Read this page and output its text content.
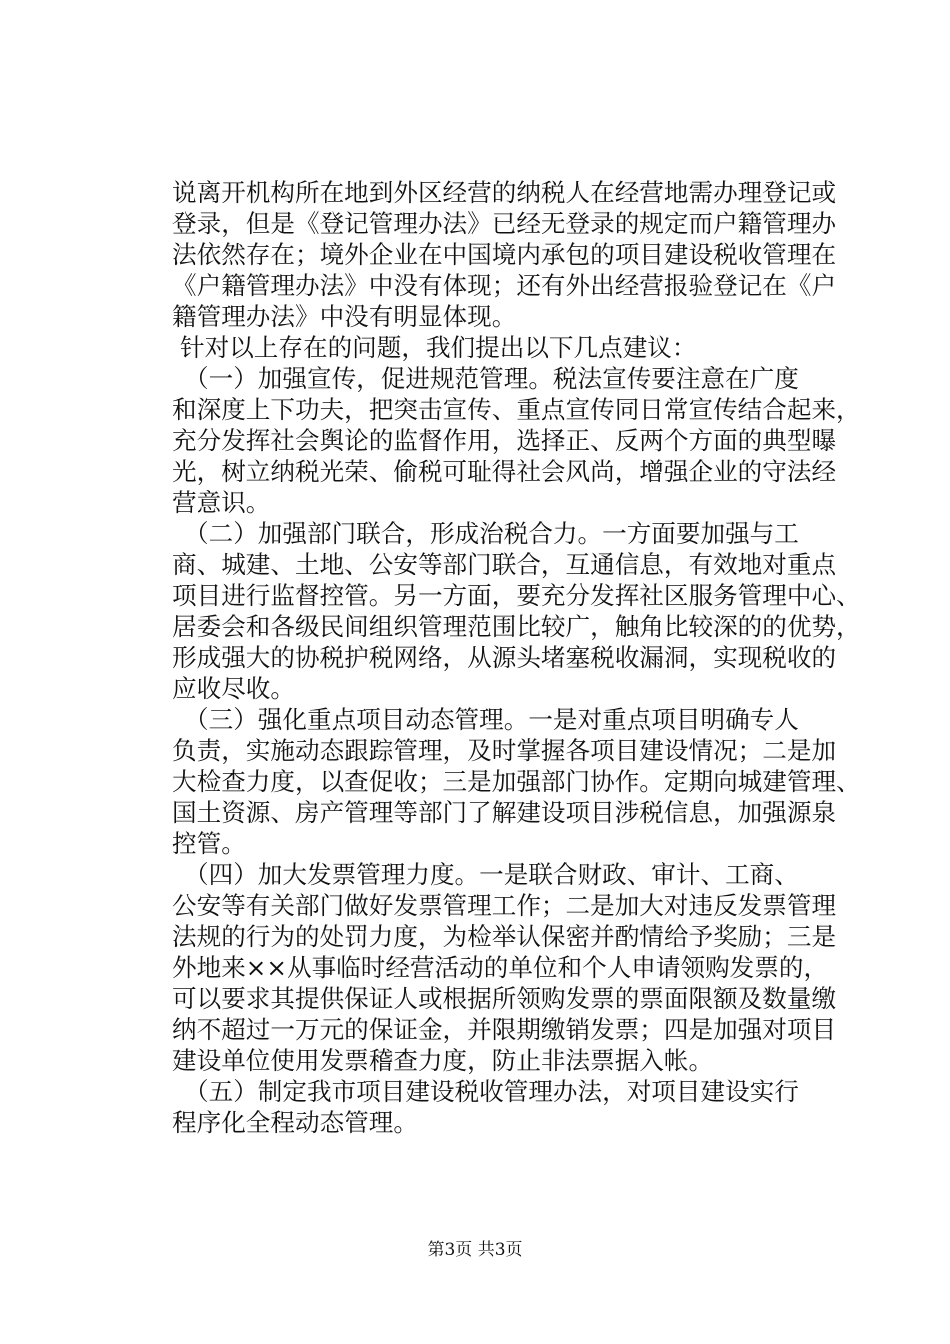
说离开机构所在地到外区经营的纳税人在经营地需办理登记或
登录，但是《登记管理办法》已经无登录的规定而户籍管理办
法依然存在；境外企业在中国境内承包的项目建设税收管理在
《户籍管理办法》中没有体现；还有外出经营报验登记在《户
籍管理办法》中没有明显体现。
针对以上存在的问题，我们提出以下几点建议：
（一）加强宣传，促进规范管理。税法宣传要注意在广度
和深度上下功夫，把突击宣传、重点宣传同日常宣传结合起来，
充分发挥社会舆论的监督作用，选择正、反两个方面的典型曝
光，树立纳税光荣、偷税可耻得社会风尚，增强企业的守法经
营意识。
（二）加强部门联合，形成治税合力。一方面要加强与工
商、城建、土地、公安等部门联合，互通信息，有效地对重点
项目进行监督控管。另一方面，要充分发挥社区服务管理中心、
居委会和各级民间组织管理范围比较广，触角比较深的的优势，
形成强大的协税护税网络，从源头堵塞税收漏洞，实现税收的
应收尽收。
（三）强化重点项目动态管理。一是对重点项目明确专人
负责，实施动态跟踪管理，及时掌握各项目建设情况；二是加
大检查力度，以查促收；三是加强部门协作。定期向城建管理、
国土资源、房产管理等部门了解建设项目涉税信息，加强源泉
控管。
（四）加大发票管理力度。一是联合财政、审计、工商、
公安等有关部门做好发票管理工作；二是加大对违反发票管理
法规的行为的处罚力度，为检举认保密并酌情给予奖励；三是
外地来××从事临时经营活动的单位和个人申请领购发票的，
可以要求其提供保证人或根据所领购发票的票面限额及数量缴
纳不超过一万元的保证金，并限期缴销发票；四是加强对项目
建设单位使用发票稽查力度，防止非法票据入帐。
（五）制定我市项目建设税收管理办法，对项目建设实行
程序化全程动态管理。
第3页 共3页
